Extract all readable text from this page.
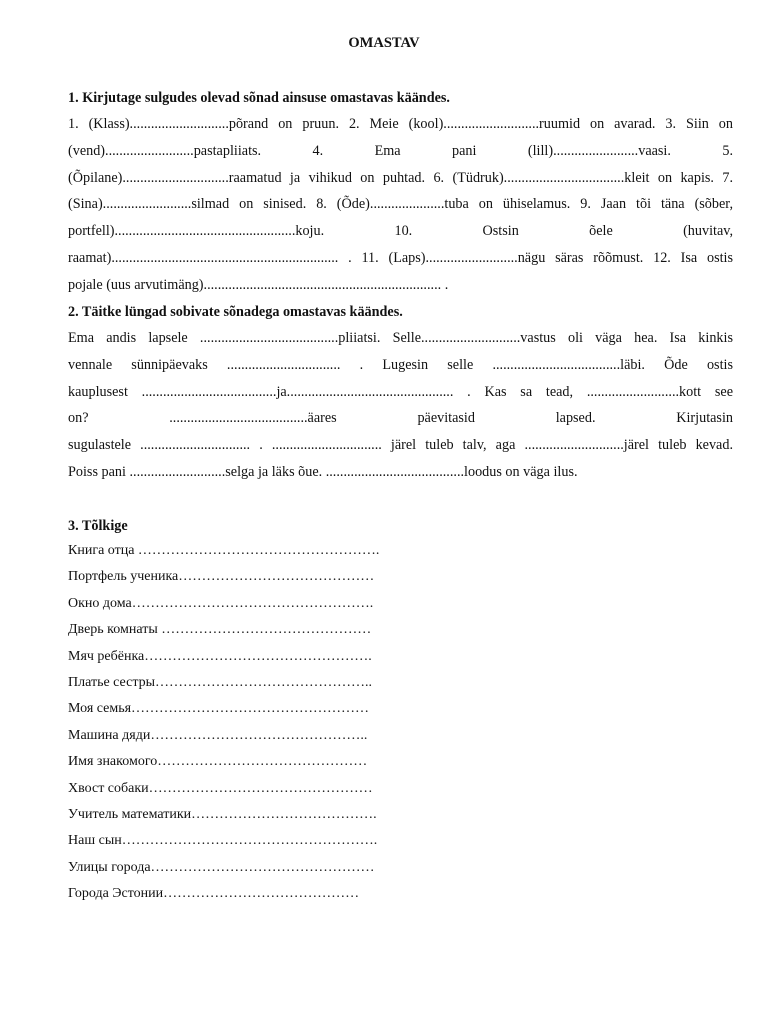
OMASTAV
1. Kirjutage sulgudes olevad sõnad ainsuse omastavas käändes.
1. (Klass)............................põrand on pruun. 2. Meie (kool)...........................ruumid on avarad. 3. Siin on
(vend).........................pastapliiats. 4. Ema pani (lill)........................vaasi. 5.
(Õpilane)..............................raamatud ja vihikud on puhtad. 6. (Tüdruk)..................................kleit on kapis. 7.
(Sina).........................silmad on sinised. 8. (Õde).....................tuba on ühiselamus. 9. Jaan tõi täna (sõber,
portfell)...................................................koju. 10. Ostsin õele (huvitav,
raamat)................................................................ . 11. (Laps)..........................nägu säras rõõmust. 12. Isa ostis
pojale (uus arvutimäng)................................................................... .
2. Täitke lüngad sobivate sõnadega omastavas käändes.
Ema andis lapsele .......................................pliiatsi. Selle............................vastus oli väga hea. Isa kinkis
vennale sünnipäevaks ................................ . Lugesin selle ....................................läbi. Õde ostis
kauplusest ......................................ja............................................... . Kas sa tead, ..........................kott see
on? .......................................äares päevitasid lapsed. Kirjutasin
sugulastele ............................... . ............................... järel tuleb talv, aga ............................järel tuleb kevad.
Poiss pani ...........................selga ja läks õue. .......................................loodus on väga ilus.
3. Tõlkige
Книга отца …………………………………………….
Портфель ученика……………………………………
Окно дома…………………………………………….
Дверь комнаты ………………………………………
Мяч ребёнка………………………………………….
Платье сестры………………………………………..
Моя семья……………………………………………
Машина дяди………………………………………..
Имя знакомого………………………………………
Хвост собаки…………………………………………
Учитель математики………………………………….
Наш сын……………………………………………….
Улицы города…………………………………………
Города Эстонии……………………………………
